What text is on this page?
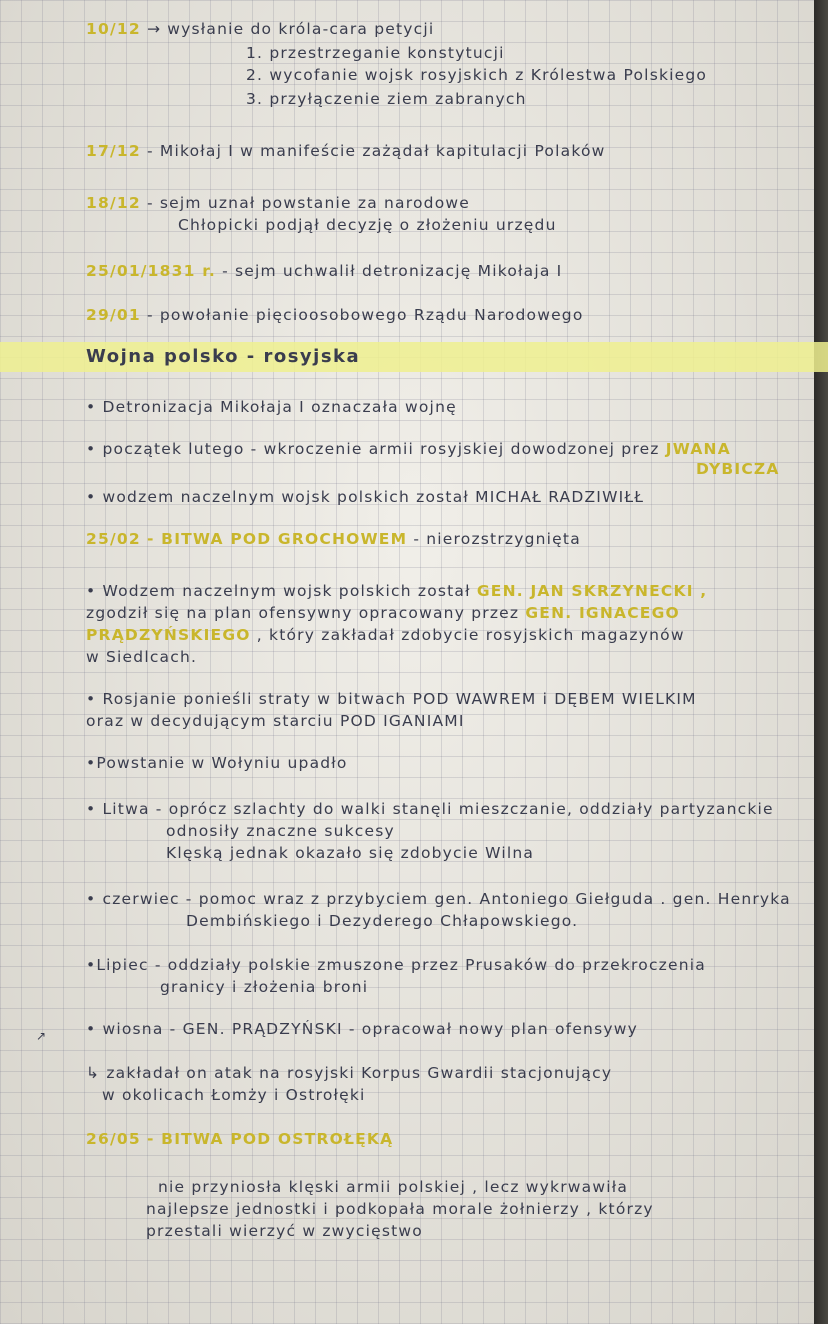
10/12 → wysłanie do króla-cara petycji
1. przestrzeganie konstytucji
2. wycofanie wojsk rosyjskich z Królestwa Polskiego
3. przyłączenie ziem zabranych
17/12 - Mikołaj I w manifeście zażądał kapitulacji Polaków
18/12 - sejm uznał powstanie za narodowe
Chłopicki podjął decyzję o złożeniu urzędu
25/01/1831 r. - sejm uchwalił detronizację Mikołaja I
29/01 - powołanie pięcioosobowego Rządu Narodowego
Wojna polsko - rosyjska
• Detronizacja Mikołaja I oznaczała wojnę
• początek lutego - wkroczenie armii rosyjskiej dowodzonej prez JWANA
DYBICZA
• wodzem naczelnym wojsk polskich został MICHAŁ RADZIWIŁŁ
25/02 - BITWA POD GROCHOWEM - nierozstrzygnięta
• Wodzem naczelnym wojsk polskich został GEN. JAN SKRZYNECKI ,
zgodził się na plan ofensywny opracowany przez GEN. IGNACEGO
PRĄDZYŃSKIEGO , który zakładał zdobycie rosyjskich magazynów
w Siedlcach.
• Rosjanie ponieśli straty w bitwach POD WAWREM i DĘBEM WIELKIM
oraz w decydującym starciu POD IGANIAMI
•Powstanie w Wołyniu upadło
• Litwa - oprócz szlachty do walki stanęli mieszczanie, oddziały partyzanckie
odnosiły znaczne sukcesy
Klęską jednak okazało się zdobycie Wilna
• czerwiec - pomoc wraz z przybyciem gen. Antoniego Giełguda . gen. Henryka
Dembińskiego i Dezyderego Chłapowskiego.
•Lipiec - oddziały polskie zmuszone przez Prusaków do przekroczenia
granicy i złożenia broni
↗ • wiosna - GEN. PRĄDZYŃSKI - opracował nowy plan ofensywy
↳ zakładał on atak na rosyjski Korpus Gwardii stacjonujący
w okolicach Łomży i Ostrołęki
26/05 - BITWA POD OSTROŁĘKĄ
nie przyniosła klęski armii polskiej , lecz wykrwawiła
najlepsze jednostki i podkopała morale żołnierzy , którzy
przestali wierzyć w zwycięstwo
